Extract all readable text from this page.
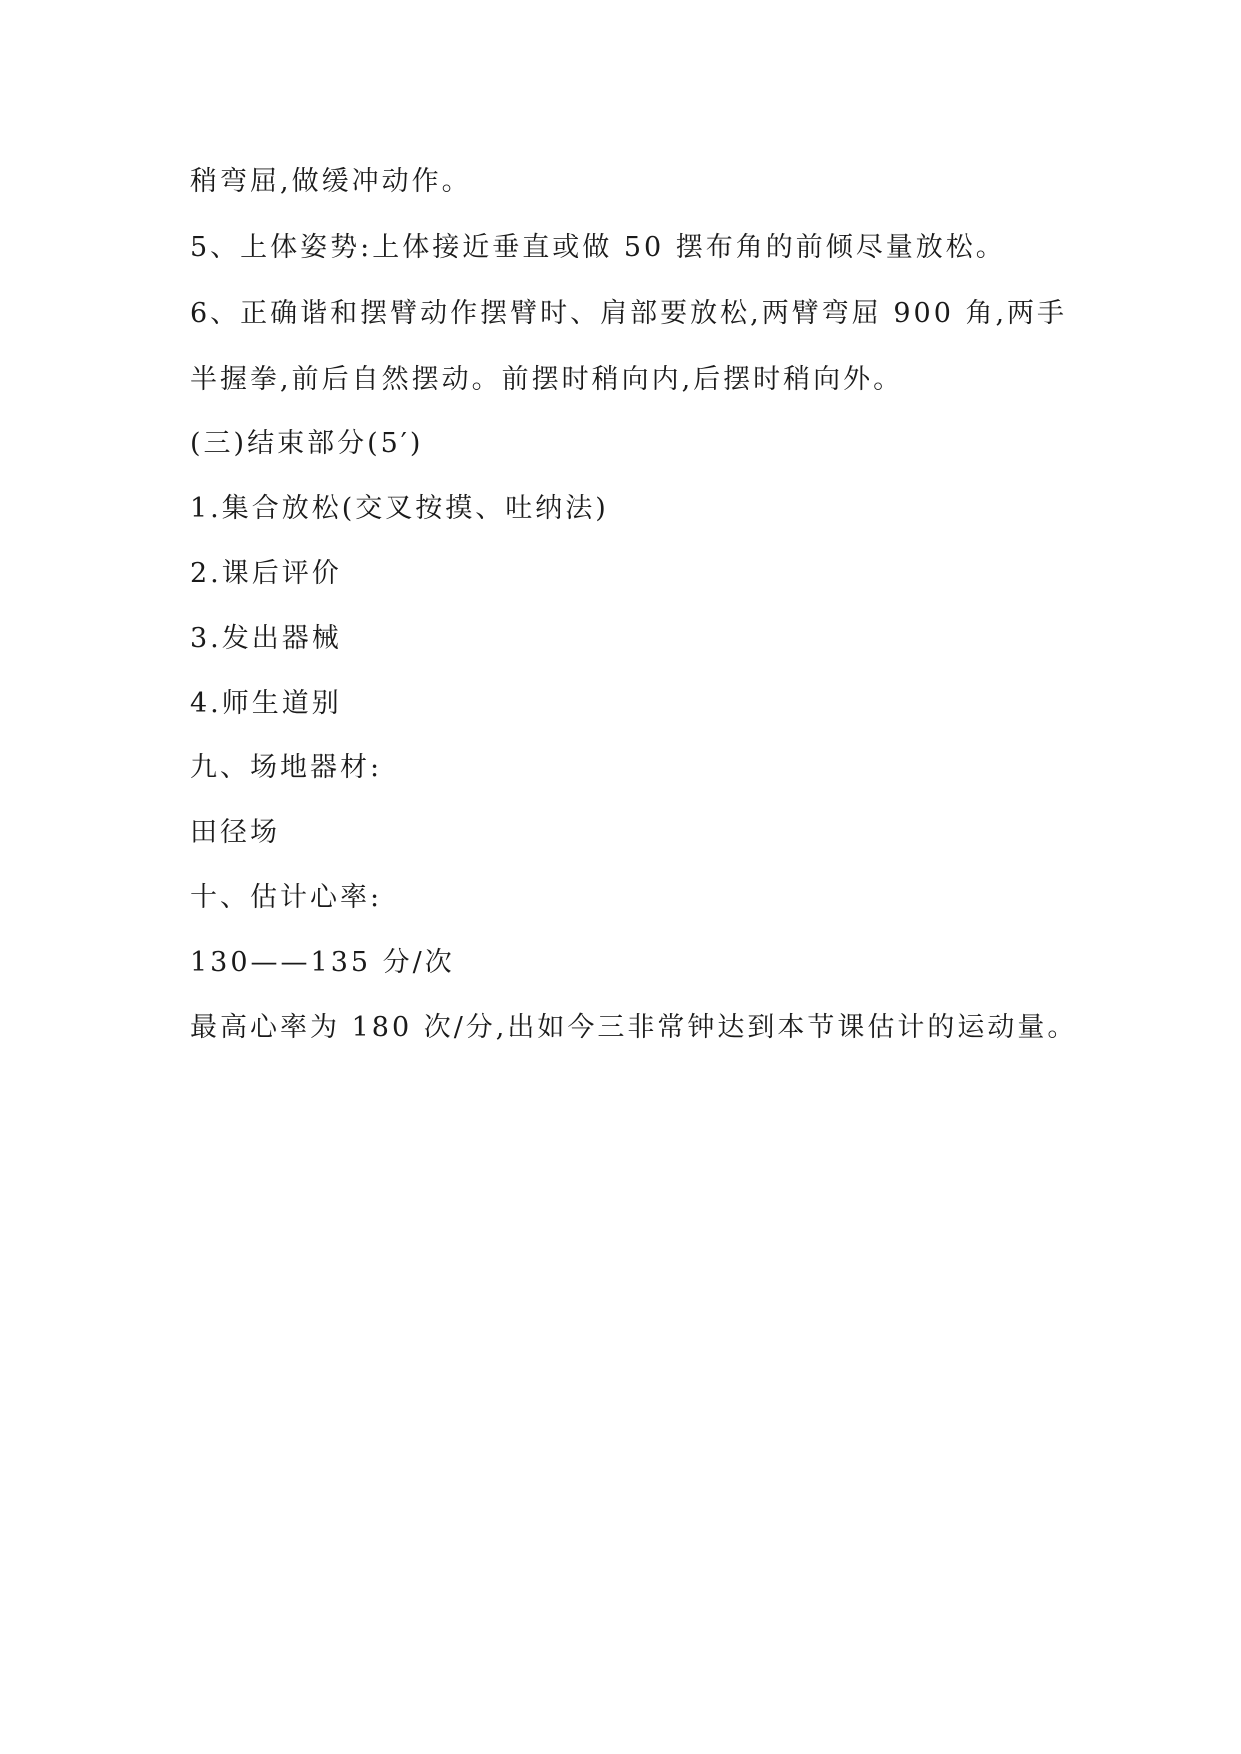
稍弯屈,做缓冲动作。
5、上体姿势:上体接近垂直或做 50 摆布角的前倾尽量放松。
6、正确谐和摆臂动作摆臂时、肩部要放松,两臂弯屈 900 角,两手
半握拳,前后自然摆动。前摆时稍向内,后摆时稍向外。
(三)结束部分(5′)
1.集合放松(交叉按摸、吐纳法)
2.课后评价
3.发出器械
4.师生道别
九、场地器材:
田径场
十、估计心率:
130——135 分/次
最高心率为 180 次/分,出如今三非常钟达到本节课估计的运动量。
